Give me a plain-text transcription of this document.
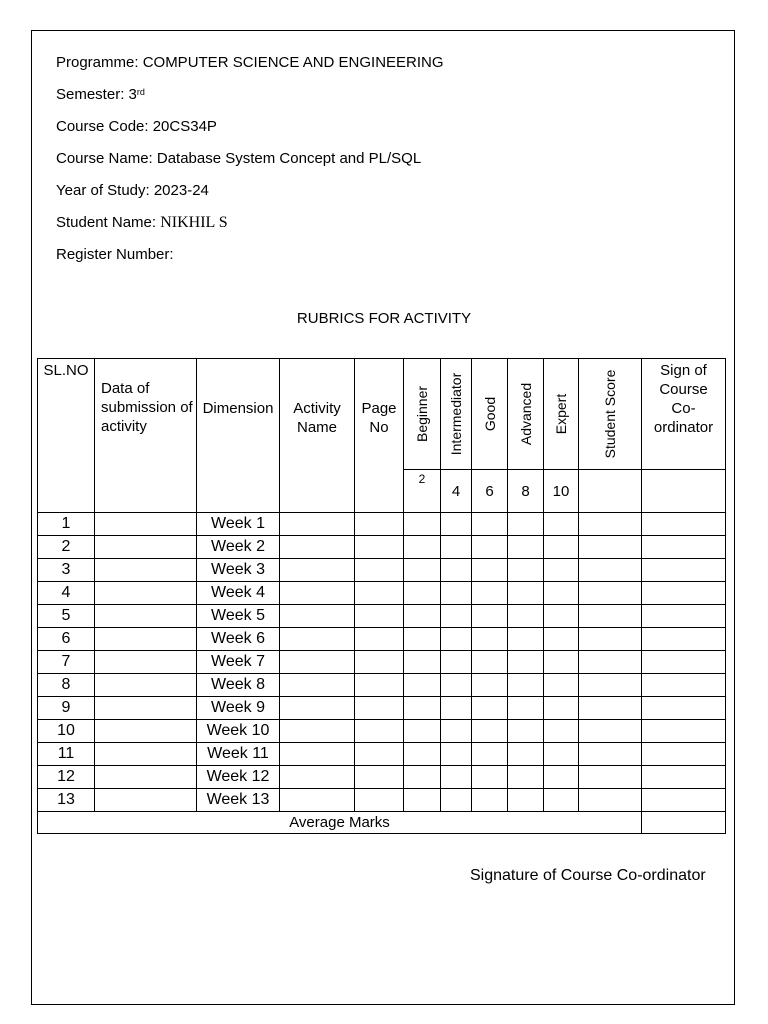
Programme: COMPUTER SCIENCE AND ENGINEERING
Semester: 3rd
Course Code: 20CS34P
Course Name: Database System Concept and PL/SQL
Year of Study: 2023-24
Student Name: NIKHIL S
Register Number:
RUBRICS FOR ACTIVITY
SL.NO	Data of submission of activity	Dimension	Activity Name	Page No	Beginner	Intermediator	Good	Advanced	Expert	Student Score	Sign of Course Co-ordinator
					2	4	6	8	10		
1		Week 1									
2		Week 2									
3		Week 3									
4		Week 4									
5		Week 5									
6		Week 6									
7		Week 7									
8		Week 8									
9		Week 9									
10		Week 10									
11		Week 11									
12		Week 12									
13		Week 13									
Average Marks											
Signature of Course Co-ordinator
